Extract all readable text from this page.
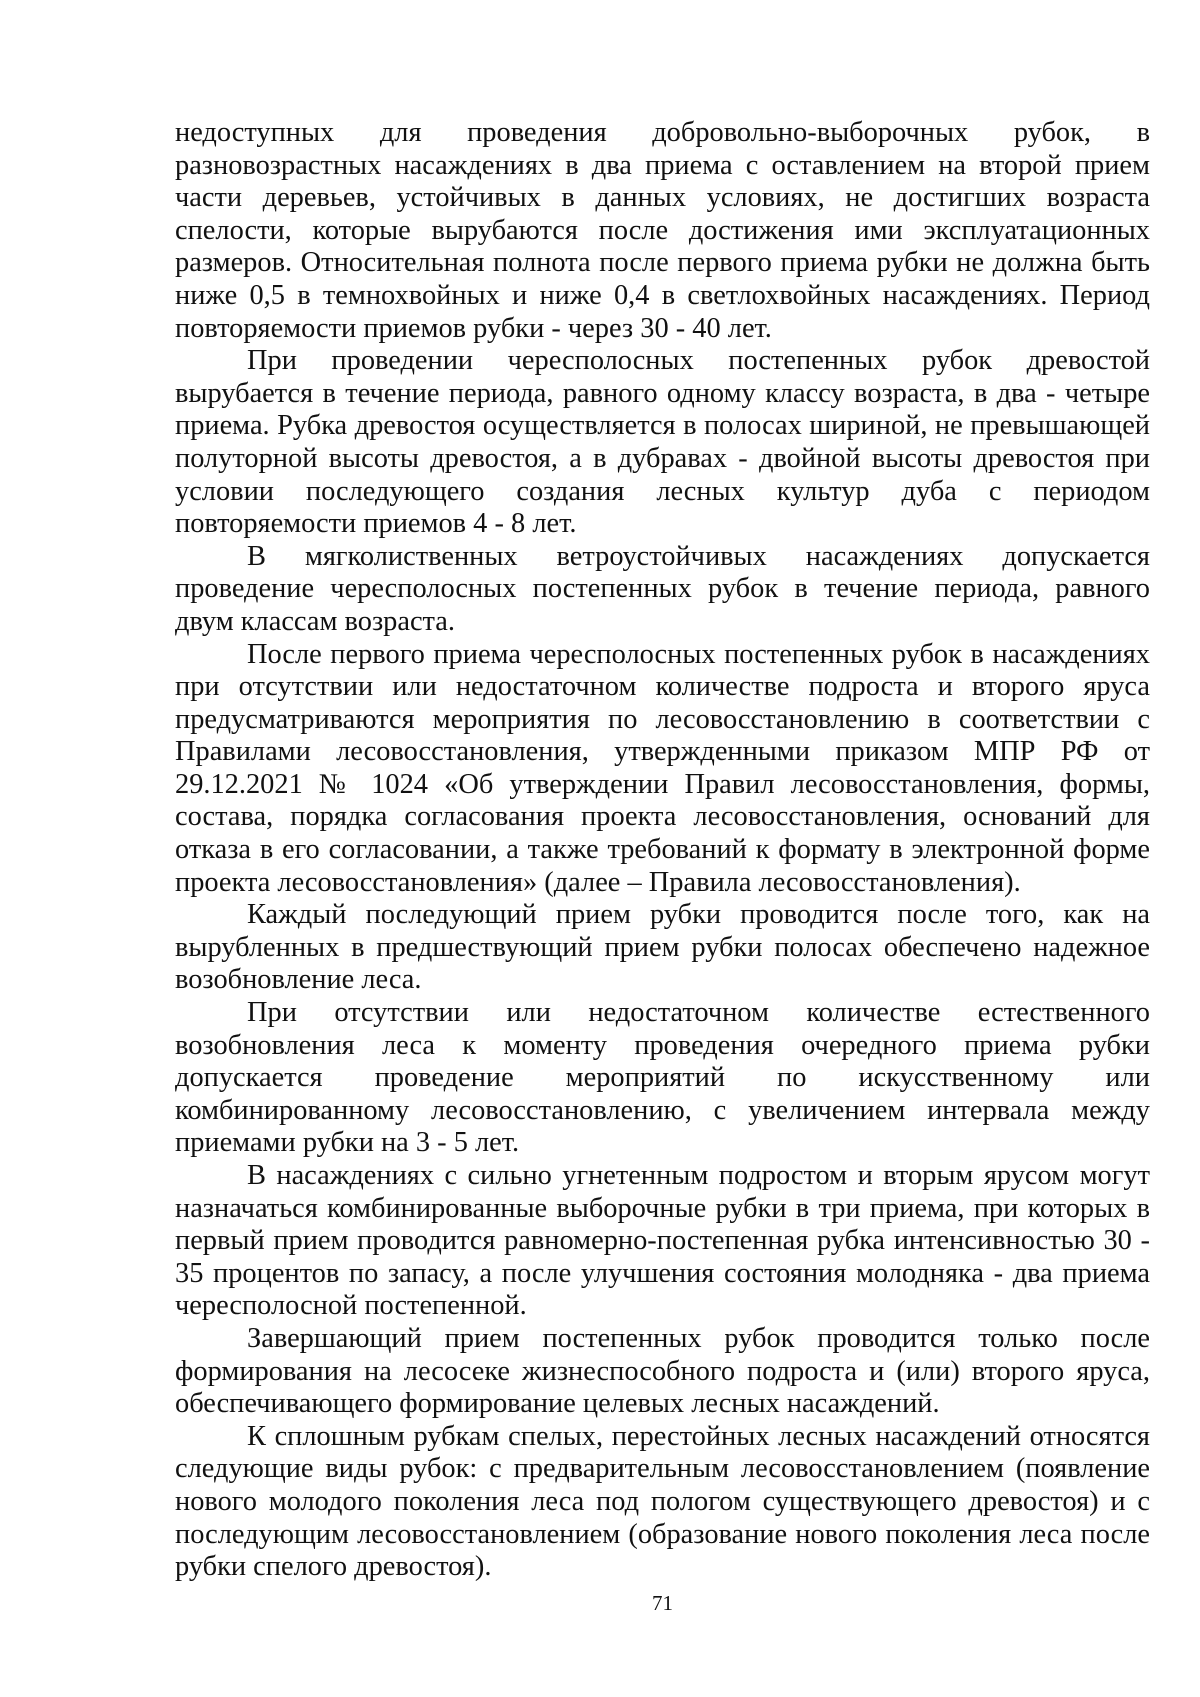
недоступных для проведения добровольно-выборочных рубок, в разновозрастных насаждениях в два приема с оставлением на второй прием части деревьев, устойчивых в данных условиях, не достигших возраста спелости, которые вырубаются после достижения ими эксплуатационных размеров. Относительная полнота после первого приема рубки не должна быть ниже 0,5 в темнохвойных и ниже 0,4 в светлохвойных насаждениях. Период повторяемости приемов рубки - через 30 - 40 лет.

При проведении чересполосных постепенных рубок древостой вырубается в течение периода, равного одному классу возраста, в два - четыре приема. Рубка древостоя осуществляется в полосах шириной, не превышающей полуторной высоты древостоя, а в дубравах - двойной высоты древостоя при условии последующего создания лесных культур дуба с периодом повторяемости приемов 4 - 8 лет.

В мягколиственных ветроустойчивых насаждениях допускается проведение чересполосных постепенных рубок в течение периода, равного двум классам возраста.

После первого приема чересполосных постепенных рубок в насаждениях при отсутствии или недостаточном количестве подроста и второго яруса предусматриваются мероприятия по лесовосстановлению в соответствии с Правилами лесовосстановления, утвержденными приказом МПР РФ от 29.12.2021 № 1024 «Об утверждении Правил лесовосстановления, формы, состава, порядка согласования проекта лесовосстановления, оснований для отказа в его согласовании, а также требований к формату в электронной форме проекта лесовосстановления» (далее – Правила лесовосстановления).

Каждый последующий прием рубки проводится после того, как на вырубленных в предшествующий прием рубки полосах обеспечено надежное возобновление леса.

При отсутствии или недостаточном количестве естественного возобновления леса к моменту проведения очередного приема рубки допускается проведение мероприятий по искусственному или комбинированному лесовосстановлению, с увеличением интервала между приемами рубки на 3 - 5 лет.

В насаждениях с сильно угнетенным подростом и вторым ярусом могут назначаться комбинированные выборочные рубки в три приема, при которых в первый прием проводится равномерно-постепенная рубка интенсивностью 30 - 35 процентов по запасу, а после улучшения состояния молодняка - два приема чересполосной постепенной.

Завершающий прием постепенных рубок проводится только после формирования на лесосеке жизнеспособного подроста и (или) второго яруса, обеспечивающего формирование целевых лесных насаждений.

К сплошным рубкам спелых, перестойных лесных насаждений относятся следующие виды рубок: с предварительным лесовосстановлением (появление нового молодого поколения леса под пологом существующего древостоя) и с последующим лесовосстановлением (образование нового поколения леса после рубки спелого древостоя).

71
